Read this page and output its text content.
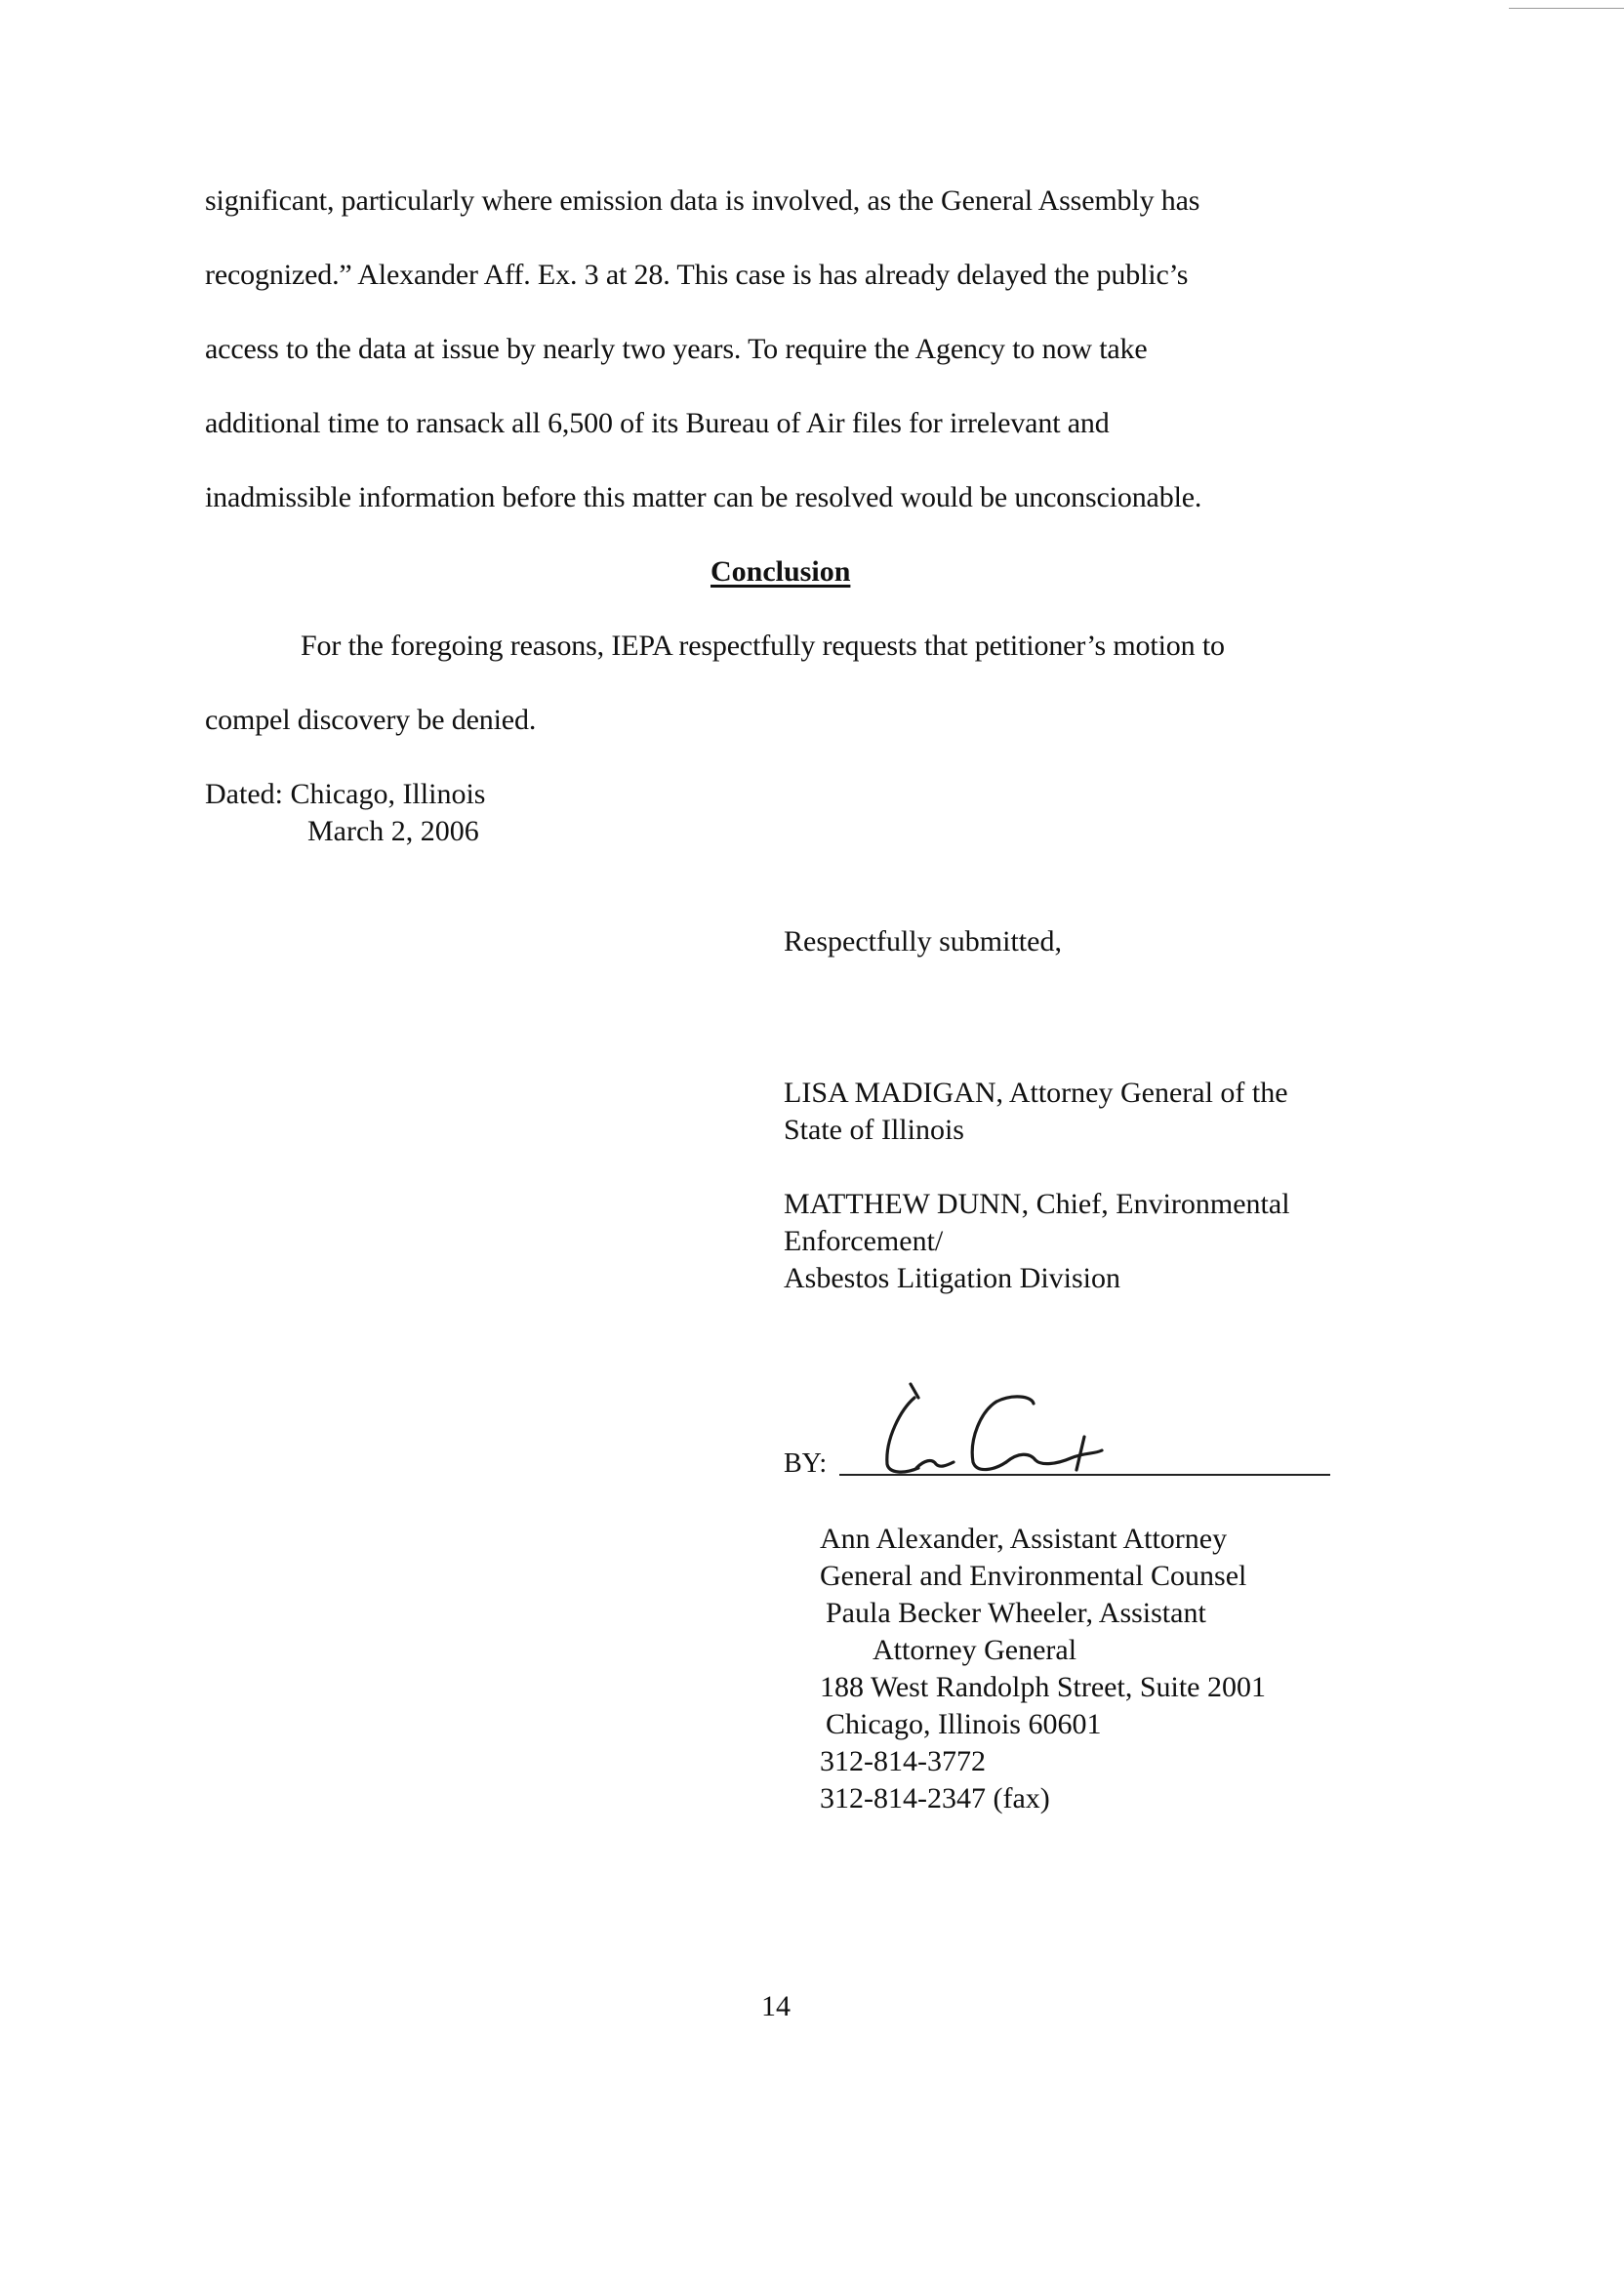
significant, particularly where emission data is involved, as the General Assembly has
recognized.” Alexander Aff. Ex. 3 at 28. This case is has already delayed the public’s
access to the data at issue by nearly two years. To require the Agency to now take
additional time to ransack all 6,500 of its Bureau of Air files for irrelevant and
inadmissible information before this matter can be resolved would be unconscionable.
Conclusion
For the foregoing reasons, IEPA respectfully requests that petitioner’s motion to
compel discovery be denied.
Dated: Chicago, Illinois
March 2, 2006
Respectfully submitted,
LISA MADIGAN, Attorney General of the
State of Illinois
MATTHEW DUNN, Chief, Environmental
Enforcement/
Asbestos Litigation Division
BY:
Ann Alexander, Assistant Attorney
General and Environmental Counsel
Paula Becker Wheeler, Assistant
Attorney General
188 West Randolph Street, Suite 2001
Chicago, Illinois 60601
312-814-3772
312-814-2347 (fax)
14
